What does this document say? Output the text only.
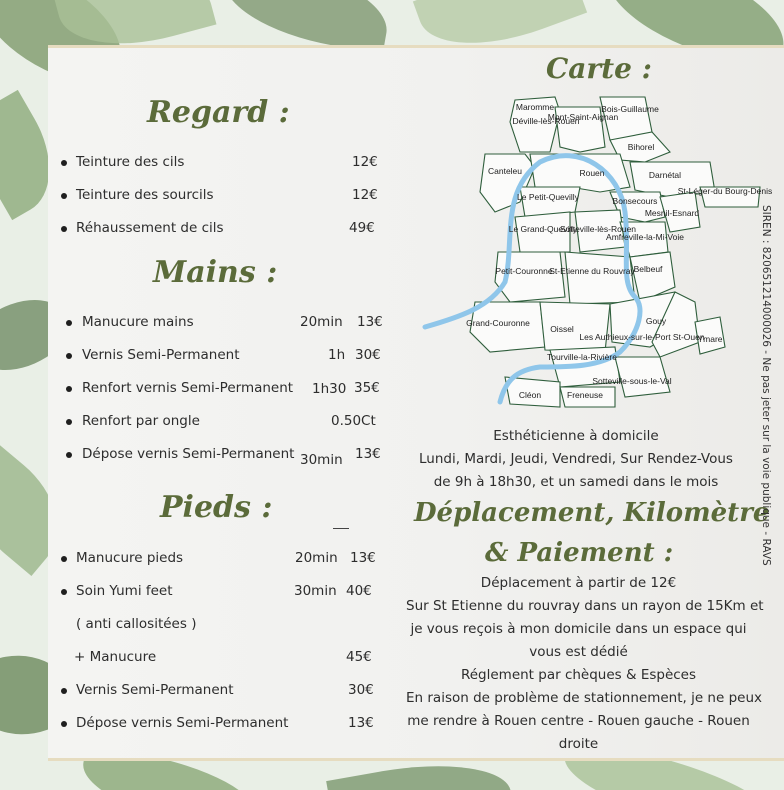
Regard :
Teinture des cils	12€
Teinture des sourcils	12€
Réhaussement de cils	49€
Mains :
Manucure mains	20min 13€
Vernis Semi-Permanent	1h 30€
Renfort vernis Semi-Permanent 1h30 35€
Renfort par ongle	0.50Ct
Dépose vernis Semi-Permanent 30min 13€
Pieds :
Manucure pieds	20min 13€
Soin Yumi feet	30min 40€
( anti callositées )
+ Manucure	45€
Vernis Semi-Permanent	30€
Dépose vernis Semi-Permanent	13€
Carte :
Maromme
Déville-lès-Rouen
Mont-Saint-Aignan
Bois-Guillaume
Bihorel
Canteleu	Rouen	Darnétal
St-Léger-du Bourg-Denis
Le Petit-Quevilly	Bonsecours
Mesnil-Esnard
Le Grand-Quevilly
Sotteville-lès-Rouen
Amfreville-la-Mi-Voie
Petit-Couronne
St-Etienne du Rouvray
Belbeuf
Grand-Couronne
Oissel
Les Authieux-sur-le-Port St-Ouen
Gouy
Ymare
Tourville-la-Rivière
Sotteville-sous-le-Val
Cléon	Freneuse
Esthéticienne à domicile
Lundi, Mardi, Jeudi, Vendredi, Sur Rendez-Vous
de 9h à 18h30, et un samedi dans le mois
Déplacement, Kilomètre
& Paiement :
Déplacement à partir de 12€
Sur St Etienne du rouvray dans un rayon de 15Km et
je vous reçois à mon domicile dans un espace qui
vous est dédié
Réglement par chèques & Espèces
En raison de problème de stationnement, je ne peux
me rendre à Rouen centre - Rouen gauche - Rouen
droite
SIREN : 820651214000026 - Ne pas jeter sur la voie publique - RAVS
